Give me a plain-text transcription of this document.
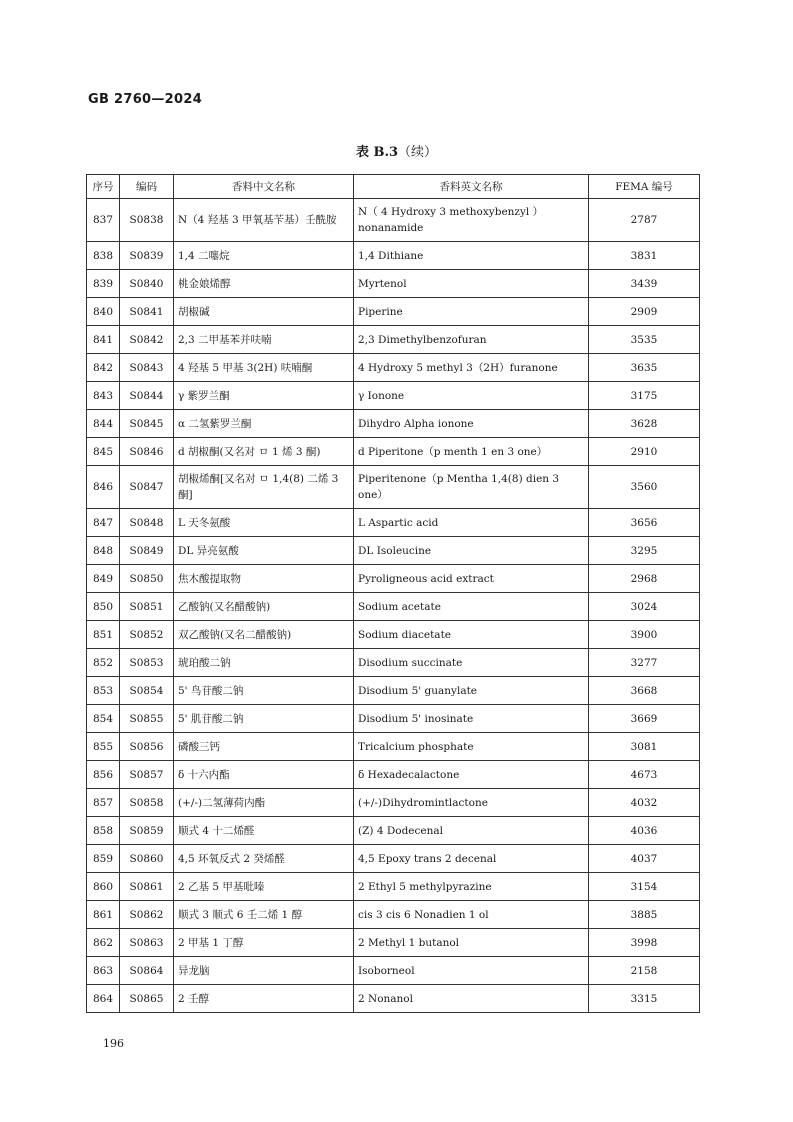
GB 2760—2024
表 B.3（续）
序号	编码	香料中文名称	香料英文名称	FEMA 编号
837	S0838	N（4 羟基 3 甲氧基苄基）壬酰胺	N（ 4 Hydroxy 3 methoxybenzyl ）nonanamide	2787
838	S0839	1,4 二噻烷	1,4 Dithiane	3831
839	S0840	桃金娘烯醇	Myrtenol	3439
840	S0841	胡椒碱	Piperine	2909
841	S0842	2,3 二甲基苯并呋喃	2,3 Dimethylbenzofuran	3535
842	S0843	4 羟基 5 甲基 3(2H) 呋喃酮	4 Hydroxy 5 methyl 3（2H）furanone	3635
843	S0844	γ 紫罗兰酮	γ Ionone	3175
844	S0845	α 二氢紫罗兰酮	Dihydro Alpha ionone	3628
845	S0846	d 胡椒酮(又名对 ㅁ 1 烯 3 酮)	d Piperitone（p menth 1 en 3 one）	2910
846	S0847	胡椒烯酮[又名对 ㅁ 1,4(8) 二烯 3 酮]	Piperitenone（p Mentha 1,4(8) dien 3 one）	3560
847	S0848	L 天冬氨酸	L Aspartic acid	3656
848	S0849	DL 异亮氨酸	DL Isoleucine	3295
849	S0850	焦木酸提取物	Pyroligneous acid extract	2968
850	S0851	乙酸钠(又名醋酸钠)	Sodium acetate	3024
851	S0852	双乙酸钠(又名二醋酸钠)	Sodium diacetate	3900
852	S0853	琥珀酸二钠	Disodium succinate	3277
853	S0854	5' 鸟苷酸二钠	Disodium 5' guanylate	3668
854	S0855	5' 肌苷酸二钠	Disodium 5' inosinate	3669
855	S0856	磷酸三钙	Tricalcium phosphate	3081
856	S0857	δ 十六内酯	δ Hexadecalactone	4673
857	S0858	(+/-)二氢薄荷内酯	(+/-)Dihydromintlactone	4032
858	S0859	顺式 4 十二烯醛	(Z) 4 Dodecenal	4036
859	S0860	4,5 环氧反式 2 癸烯醛	4,5 Epoxy trans 2 decenal	4037
860	S0861	2 乙基 5 甲基吡嗪	2 Ethyl 5 methylpyrazine	3154
861	S0862	顺式 3 顺式 6 壬二烯 1 醇	cis 3 cis 6 Nonadien 1 ol	3885
862	S0863	2 甲基 1 丁醇	2 Methyl 1 butanol	3998
863	S0864	异龙脑	Isoborneol	2158
864	S0865	2 壬醇	2 Nonanol	3315
196
